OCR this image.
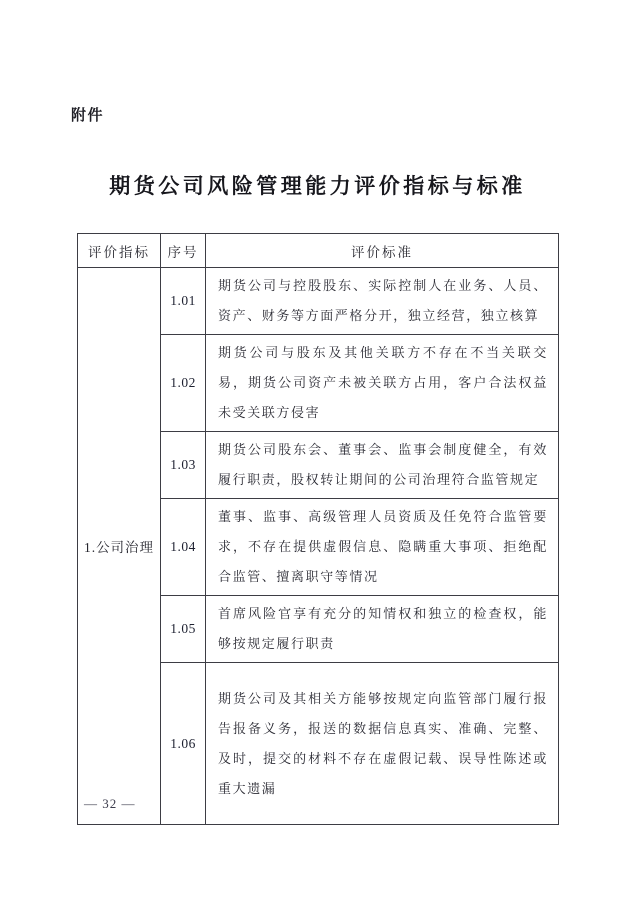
附件
期货公司风险管理能力评价指标与标准
评价指标	序号	评价标准
1.公司治理	1.01	期货公司与控股股东、实际控制人在业务、人员、资产、财务等方面严格分开，独立经营，独立核算
	1.02	期货公司与股东及其他关联方不存在不当关联交易，期货公司资产未被关联方占用，客户合法权益未受关联方侵害
	1.03	期货公司股东会、董事会、监事会制度健全，有效履行职责，股权转让期间的公司治理符合监管规定
	1.04	董事、监事、高级管理人员资质及任免符合监管要求，不存在提供虚假信息、隐瞒重大事项、拒绝配合监管、擅离职守等情况
	1.05	首席风险官享有充分的知情权和独立的检查权，能够按规定履行职责
	1.06	期货公司及其相关方能够按规定向监管部门履行报告报备义务，报送的数据信息真实、准确、完整、及时，提交的材料不存在虚假记载、误导性陈述或重大遗漏
— 32 —
